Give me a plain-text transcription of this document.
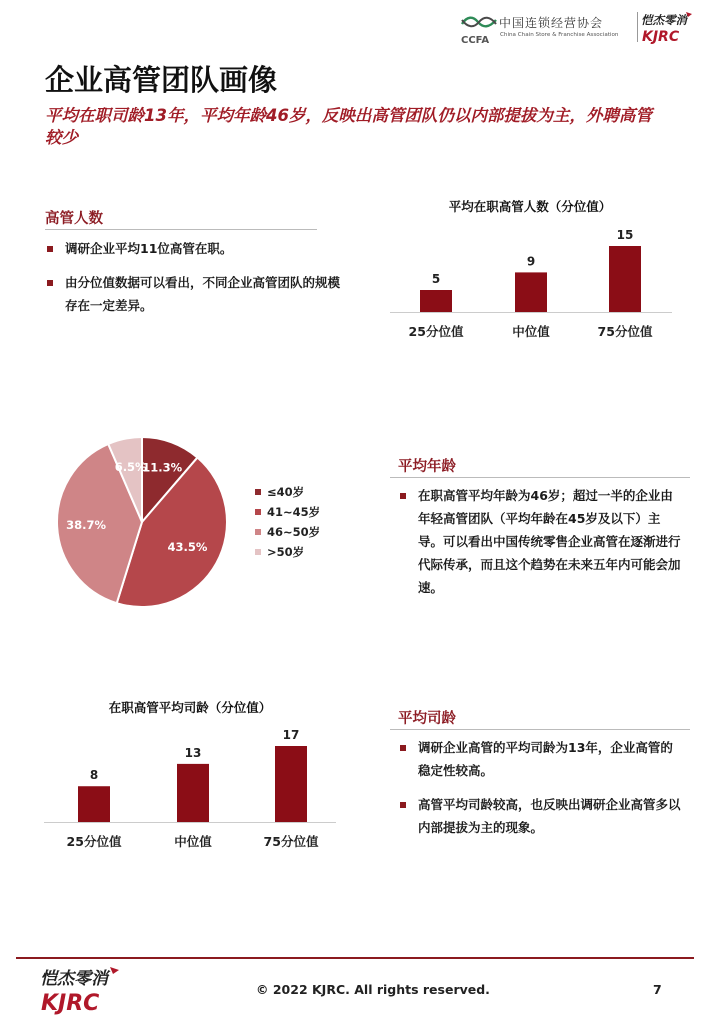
CCFA
中国连锁经营协会
China Chain Store & Franchise Association
恺杰零消
KJRC
企业高管团队画像
平均在职司龄13年，平均年龄46岁，反映出高管团队仍以内部提拔为主，外聘高管较少
高管人数
调研企业平均11位高管在职。
由分位值数据可以看出，不同企业高管团队的规模存在一定差异。
平均在职高管人数（分位值）
5
25分位值
9
中位值
15
75分位值
11.3%
43.5%
38.7%
6.5%
≤40岁
41~45岁
46~50岁
>50岁
平均年龄
在职高管平均年龄为46岁；超过一半的企业由年轻高管团队（平均年龄在45岁及以下）主导。可以看出中国传统零售企业高管在逐渐进行代际传承，而且这个趋势在未来五年内可能会加速。
在职高管平均司龄（分位值）
8
25分位值
13
中位值
17
75分位值
平均司龄
调研企业高管的平均司龄为13年，企业高管的稳定性较高。
高管平均司龄较高，也反映出调研企业高管多以内部提拔为主的现象。
恺杰零消
KJRC
© 2022 KJRC. All rights reserved.	7
